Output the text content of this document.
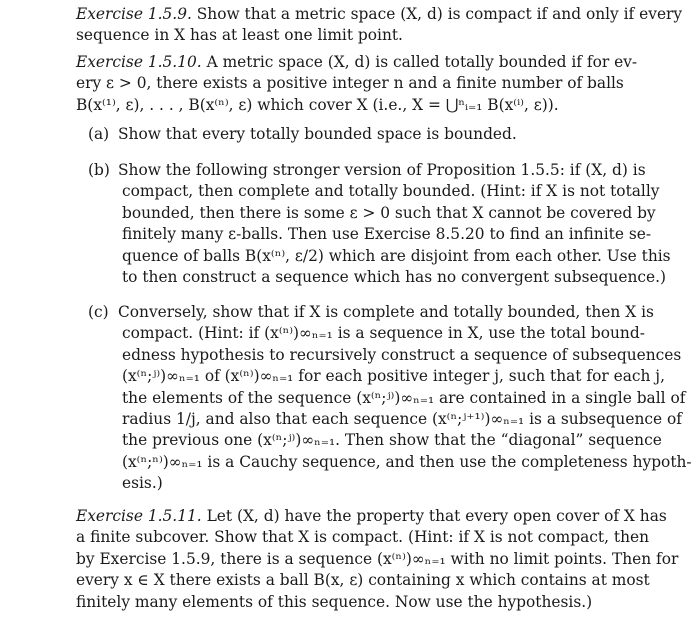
Exercise 1.5.9. Show that a metric space (X, d) is compact if and only if every
sequence in X has at least one limit point.
Exercise 1.5.10. A metric space (X, d) is called totally bounded if for ev-
ery ε > 0, there exists a positive integer n and a finite number of balls
B(x⁽¹⁾, ε), . . . , B(x⁽ⁿ⁾, ε) which cover X (i.e., X = ⋃ⁿᵢ₌₁ B(x⁽ⁱ⁾, ε)).
(a) Show that every totally bounded space is bounded.
(b) Show the following stronger version of Proposition 1.5.5: if (X, d) is
compact, then complete and totally bounded. (Hint: if X is not totally
bounded, then there is some ε > 0 such that X cannot be covered by
finitely many ε-balls. Then use Exercise 8.5.20 to find an infinite se-
quence of balls B(x⁽ⁿ⁾, ε/2) which are disjoint from each other. Use this
to then construct a sequence which has no convergent subsequence.)
(c) Conversely, show that if X is complete and totally bounded, then X is
compact. (Hint: if (x⁽ⁿ⁾)∞ₙ₌₁ is a sequence in X, use the total bound-
edness hypothesis to recursively construct a sequence of subsequences
(x⁽ⁿ;ʲ⁾)∞ₙ₌₁ of (x⁽ⁿ⁾)∞ₙ₌₁ for each positive integer j, such that for each j,
the elements of the sequence (x⁽ⁿ;ʲ⁾)∞ₙ₌₁ are contained in a single ball of
radius 1/j, and also that each sequence (x⁽ⁿ;ʲ⁺¹⁾)∞ₙ₌₁ is a subsequence of
the previous one (x⁽ⁿ;ʲ⁾)∞ₙ₌₁. Then show that the “diagonal” sequence
(x⁽ⁿ;ⁿ⁾)∞ₙ₌₁ is a Cauchy sequence, and then use the completeness hypoth-
esis.)
Exercise 1.5.11. Let (X, d) have the property that every open cover of X has
a finite subcover. Show that X is compact. (Hint: if X is not compact, then
by Exercise 1.5.9, there is a sequence (x⁽ⁿ⁾)∞ₙ₌₁ with no limit points. Then for
every x ∈ X there exists a ball B(x, ε) containing x which contains at most
finitely many elements of this sequence. Now use the hypothesis.)
